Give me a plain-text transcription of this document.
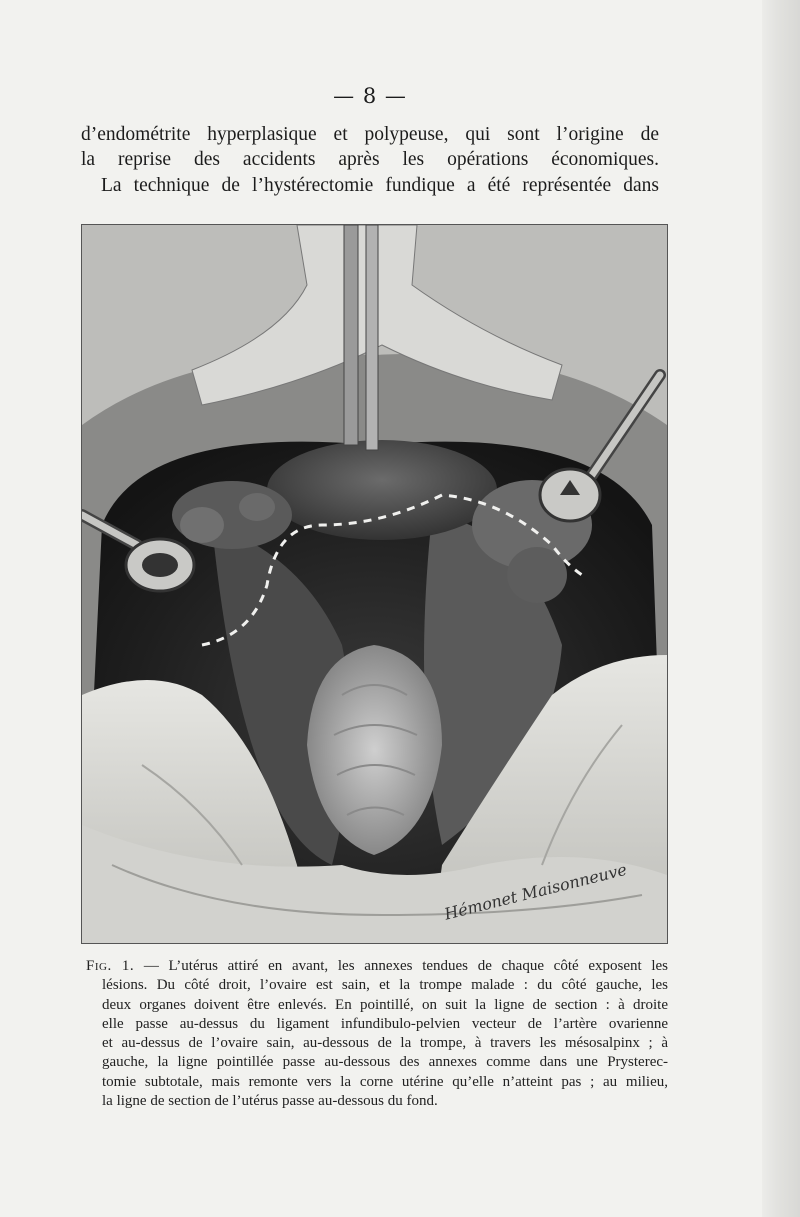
— 8 —
d’endométrite hyperplasique et polypeuse, qui sont l’origine de
la reprise des accidents après les opérations économiques.
La technique de l’hystérectomie fundique a été représentée dans
Hémonet Maisonneuve
Fig. 1. — L’utérus attiré en avant, les annexes tendues de chaque côté exposent les
lésions. Du côté droit, l’ovaire est sain, et la trompe malade : du côté gauche, les
deux organes doivent être enlevés. En pointillé, on suit la ligne de section : à droite
elle passe au-dessus du ligament infundibulo-pelvien vecteur de l’artère ovarienne
et au-dessus de l’ovaire sain, au-dessous de la trompe, à travers les mésosalpinx ; à
gauche, la ligne pointillée passe au-dessous des annexes comme dans une Prysterec-
tomie subtotale, mais remonte vers la corne utérine qu’elle n’atteint pas ; au milieu,
la ligne de section de l’utérus passe au-dessous du fond.
